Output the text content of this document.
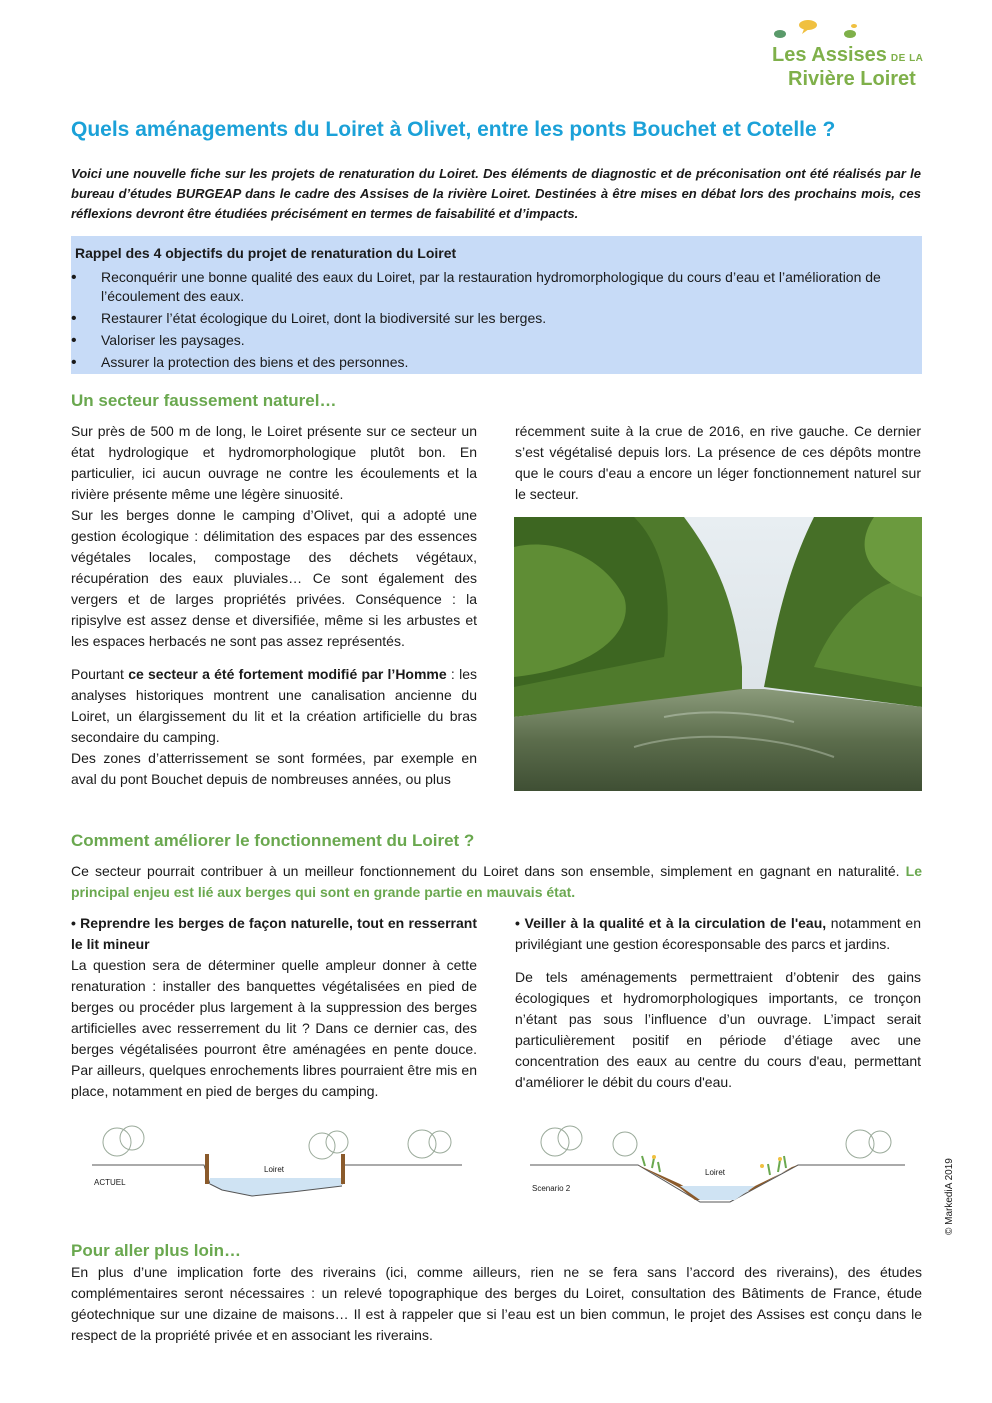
Les Assises DE LA
Rivière Loiret
Quels aménagements du Loiret à Olivet, entre les ponts Bouchet et Cotelle ?
Voici une nouvelle fiche sur les projets de renaturation du Loiret. Des éléments de diagnostic et de préconisation ont été réalisés par le bureau d’études BURGEAP dans le cadre des Assises de la rivière Loiret. Destinées à être mises en débat lors des prochains mois, ces réflexions devront être étudiées précisément en termes de faisabilité et d’impacts.
Rappel des 4 objectifs du projet de renaturation du Loiret
• Reconquérir une bonne qualité des eaux du Loiret, par la restauration hydromorphologique du cours d’eau et l’amélioration de l’écoulement des eaux.
• Restaurer l’état écologique du Loiret, dont la biodiversité sur les berges.
• Valoriser les paysages.
• Assurer la protection des biens et des personnes.
Un secteur faussement naturel…

Sur près de 500 m de long, le Loiret présente sur ce secteur un état hydrologique et hydromorphologique plutôt bon. En particulier, ici aucun ouvrage ne contre les écoulements et la rivière présente même une légère sinuosité.

Sur les berges donne le camping d’Olivet, qui a adopté une gestion écologique : délimitation des espaces par des essences végétales locales, compostage des déchets végétaux, récupération des eaux pluviales… Ce sont également des vergers et de larges propriétés privées. Conséquence : la ripisylve est assez dense et diversifiée, même si les arbustes et les espaces herbacés ne sont pas assez représentés.

Pourtant ce secteur a été fortement modifié par l’Homme : les analyses historiques montrent une canalisation ancienne du Loiret, un élargissement du lit et la création artificielle du bras secondaire du camping.

Des zones d’atterrissement se sont formées, par exemple en aval du pont Bouchet depuis de nombreuses années, ou plus

récemment suite à la crue de 2016, en rive gauche. Ce dernier s’est végétalisé depuis lors. La présence de ces dépôts montre que le cours d'eau a encore un léger fonctionnement naturel sur le secteur.

Comment améliorer le fonctionnement du Loiret ?

Ce secteur pourrait contribuer à un meilleur fonctionnement du Loiret dans son ensemble, simplement en gagnant en naturalité. Le principal enjeu est lié aux berges qui sont en grande partie en mauvais état.

• Reprendre les berges de façon naturelle, tout en resserrant le lit mineur

La question sera de déterminer quelle ampleur donner à cette renaturation : installer des banquettes végétalisées en pied de berges ou procéder plus largement à la suppression des berges artificielles avec resserrement du lit ? Dans ce dernier cas, des berges végétalisées pourront être aménagées en pente douce. Par ailleurs, quelques enrochements libres pourraient être mis en place, notamment en pied de berges du camping.

• Veiller à la qualité et à la circulation de l'eau, notamment en privilégiant une gestion écoresponsable des parcs et jardins.

De tels aménagements permettraient d’obtenir des gains écologiques et hydromorphologiques importants, ce tronçon n’étant pas sous l’influence d’un ouvrage. L’impact serait particulièrement positif en période d’étiage avec une concentration des eaux au centre du cours d'eau, permettant d'améliorer le débit du cours d'eau.

Loiret
ACTUEL
Loiret
Scenario 2
Pour aller plus loin…
En plus d’une implication forte des riverains (ici, comme ailleurs, rien ne se fera sans l’accord des riverains), des études complémentaires seront nécessaires : un relevé topographique des berges du Loiret, consultation des Bâtiments de France, étude géotechnique sur une dizaine de maisons… Il est à rappeler que si l’eau est un bien commun, le projet des Assises est conçu dans le respect de la propriété privée et en associant les riverains.
© MarkediA 2019
